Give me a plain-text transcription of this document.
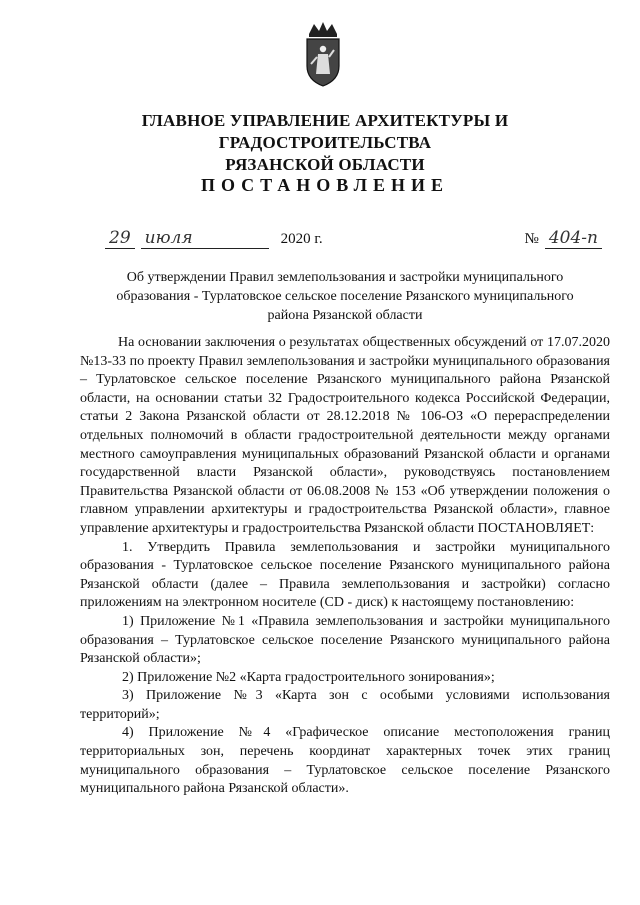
ГЛАВНОЕ УПРАВЛЕНИЕ АРХИТЕКТУРЫ И ГРАДОСТРОИТЕЛЬСТВА
РЯЗАНСКОЙ ОБЛАСТИ
ПОСТАНОВЛЕНИЕ
29 июля	2020 г.	№ 404-п
Об утверждении Правил землепользования и застройки муниципального
образования - Турлатовское сельское поселение Рязанского муниципального
района Рязанской области

На основании заключения о результатах общественных обсуждений от 17.07.2020 №13-33 по проекту Правил землепользования и застройки муниципального образования – Турлатовское сельское поселение Рязанского муниципального района Рязанской области, на основании статьи 32 Градостроительного кодекса Российской Федерации, статьи 2 Закона Рязанской области от 28.12.2018 № 106-ОЗ «О перераспределении отдельных полномочий в области градостроительной деятельности между органами местного самоуправления муниципальных образований Рязанской области и органами государственной власти Рязанской области», руководствуясь постановлением Правительства Рязанской области от 06.08.2008 № 153 «Об утверждении положения о главном управлении архитектуры и градостроительства Рязанской области», главное управление архитектуры и градостроительства Рязанской области ПОСТАНОВЛЯЕТ:

1. Утвердить Правила землепользования и застройки муниципального образования - Турлатовское сельское поселение Рязанского муниципального района Рязанской области (далее – Правила землепользования и застройки) согласно приложениям на электронном носителе (CD - диск) к настоящему постановлению:

1) Приложение №1 «Правила землепользования и застройки муниципального образования – Турлатовское сельское поселение Рязанского муниципального района Рязанской области»;

2) Приложение №2 «Карта градостроительного зонирования»;

3) Приложение №3 «Карта зон с особыми условиями использования территорий»;

4) Приложение №4 «Графическое описание местоположения границ территориальных зон, перечень координат характерных точек этих границ муниципального образования – Турлатовское сельское поселение Рязанского муниципального района Рязанской области».
